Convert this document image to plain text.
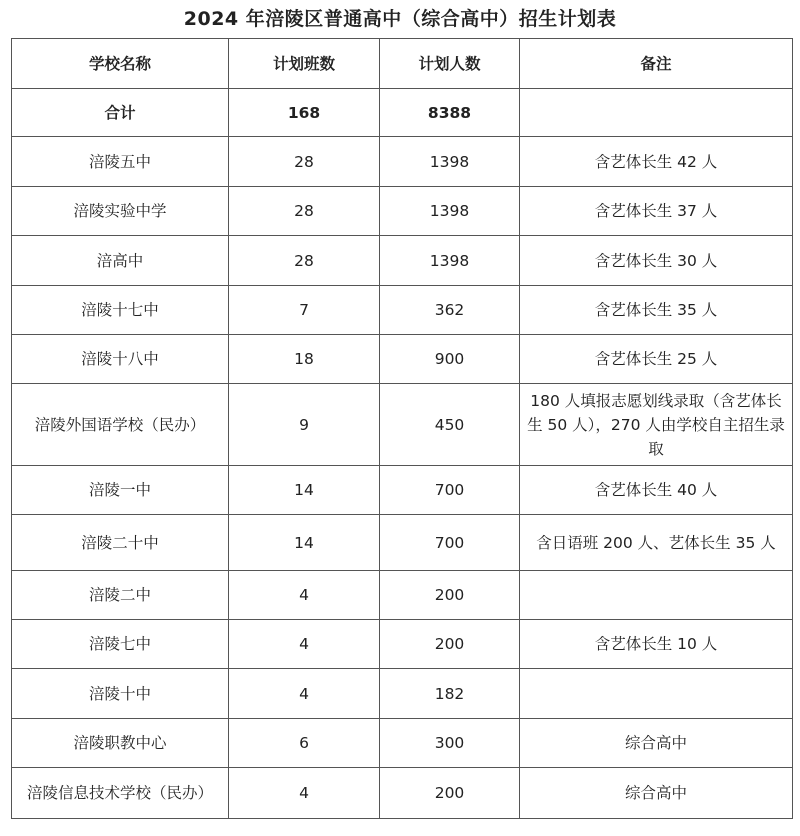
2024 年涪陵区普通高中（综合高中）招生计划表
学校名称	计划班数	计划人数	备注
合计	168	8388	
涪陵五中	28	1398	含艺体长生 42 人
涪陵实验中学	28	1398	含艺体长生 37 人
涪高中	28	1398	含艺体长生 30 人
涪陵十七中	7	362	含艺体长生 35 人
涪陵十八中	18	900	含艺体长生 25 人
涪陵外国语学校（民办）	9	450	180 人填报志愿划线录取（含艺体长生 50 人），270 人由学校自主招生录取
涪陵一中	14	700	含艺体长生 40 人
涪陵二十中	14	700	含日语班 200 人、艺体长生 35 人
涪陵二中	4	200	
涪陵七中	4	200	含艺体长生 10 人
涪陵十中	4	182	
涪陵职教中心	6	300	综合高中
涪陵信息技术学校（民办）	4	200	综合高中
